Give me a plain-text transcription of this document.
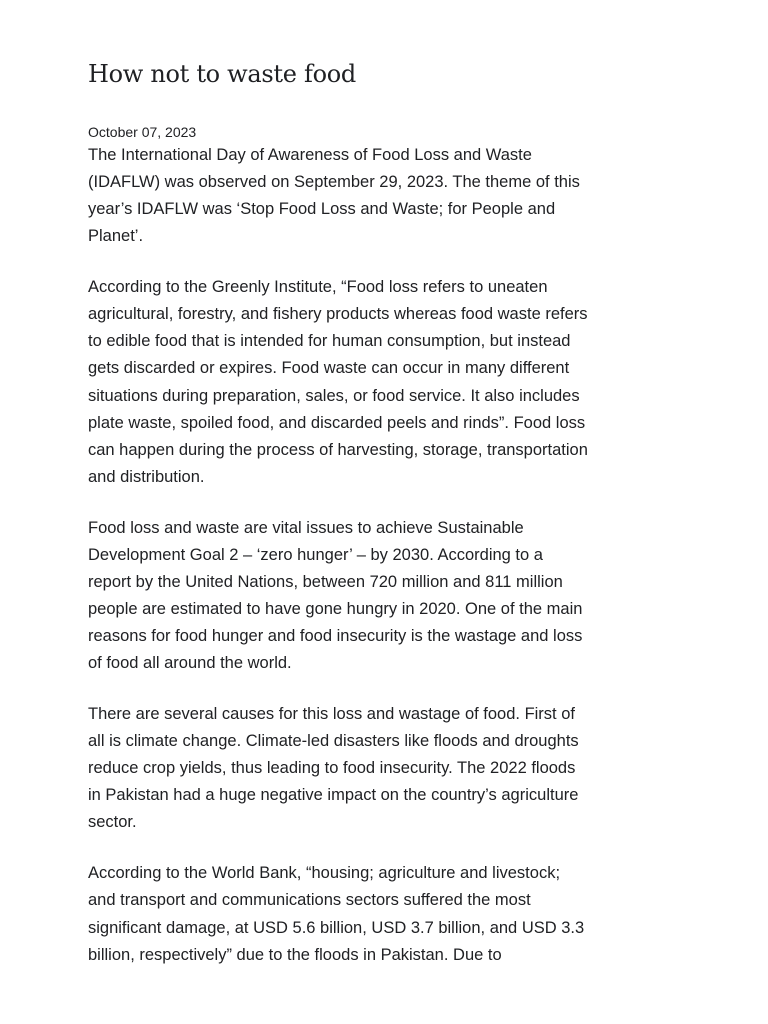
How not to waste food
October 07, 2023

The International Day of Awareness of Food Loss and Waste (IDAFLW) was observed on September 29, 2023. The theme of this year’s IDAFLW was ‘Stop Food Loss and Waste; for People and Planet’.

According to the Greenly Institute, “Food loss refers to uneaten agricultural, forestry, and fishery products whereas food waste refers to edible food that is intended for human consumption, but instead gets discarded or expires. Food waste can occur in many different situations during preparation, sales, or food service. It also includes plate waste, spoiled food, and discarded peels and rinds”. Food loss can happen during the process of harvesting, storage, transportation and distribution.

Food loss and waste are vital issues to achieve Sustainable Development Goal 2 – ‘zero hunger’ – by 2030. According to a report by the United Nations, between 720 million and 811 million people are estimated to have gone hungry in 2020. One of the main reasons for food hunger and food insecurity is the wastage and loss of food all around the world.

There are several causes for this loss and wastage of food. First of all is climate change. Climate-led disasters like floods and droughts reduce crop yields, thus leading to food insecurity. The 2022 floods in Pakistan had a huge negative impact on the country’s agriculture sector.

According to the World Bank, “housing; agriculture and livestock; and transport and communications sectors suffered the most significant damage, at USD 5.6 billion, USD 3.7 billion, and USD 3.3 billion, respectively” due to the floods in Pakistan. Due to
